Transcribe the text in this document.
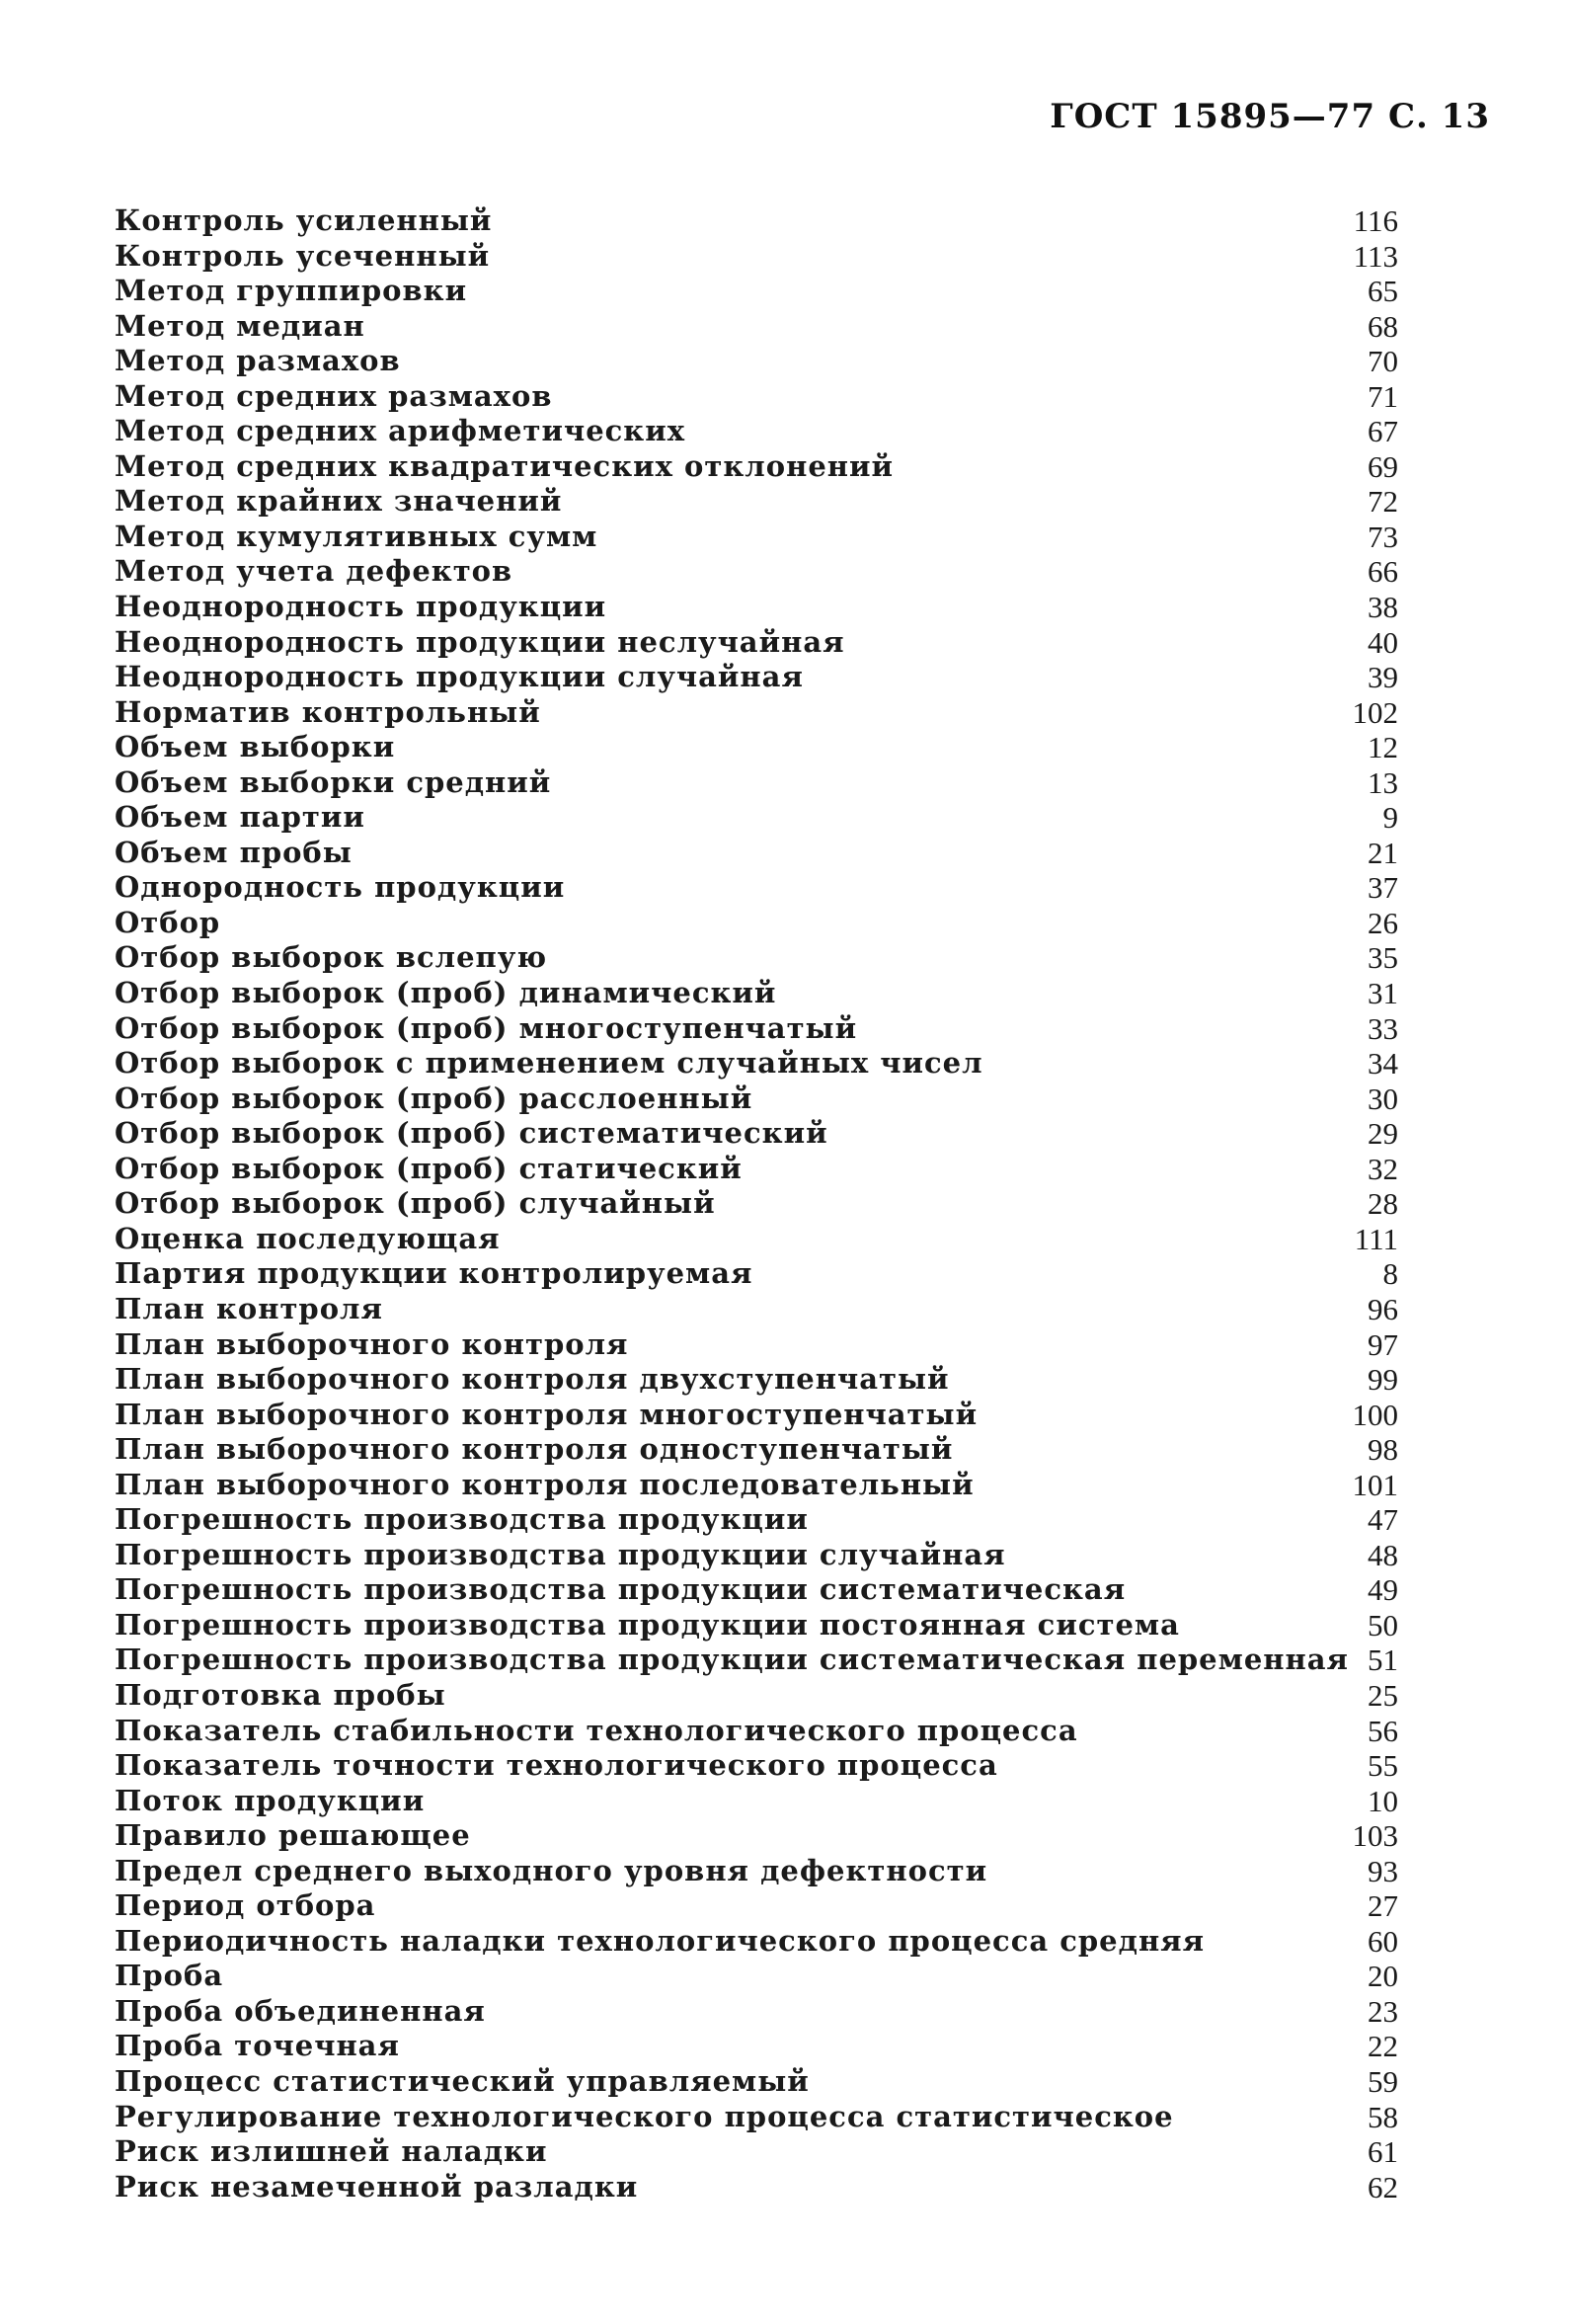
ГОСТ 15895—77 С. 13
Контроль усиленный	116
Контроль усеченный	113
Метод группировки	65
Метод медиан	68
Метод размахов	70
Метод средних размахов	71
Метод средних арифметических	67
Метод средних квадратических отклонений	69
Метод крайних значений	72
Метод кумулятивных сумм	73
Метод учета дефектов	66
Неоднородность продукции	38
Неоднородность продукции неслучайная	40
Неоднородность продукции случайная	39
Норматив контрольный	102
Объем выборки	12
Объем выборки средний	13
Объем партии	9
Объем пробы	21
Однородность продукции	37
Отбор	26
Отбор выборок вслепую	35
Отбор выборок (проб) динамический	31
Отбор выборок (проб) многоступенчатый	33
Отбор выборок с применением случайных чисел	34
Отбор выборок (проб) расслоенный	30
Отбор выборок (проб) систематический	29
Отбор выборок (проб) статический	32
Отбор выборок (проб) случайный	28
Оценка последующая	111
Партия продукции контролируемая	8
План контроля	96
План выборочного контроля	97
План выборочного контроля двухступенчатый	99
План выборочного контроля многоступенчатый	100
План выборочного контроля одноступенчатый	98
План выборочного контроля последовательный	101
Погрешность производства продукции	47
Погрешность производства продукции случайная	48
Погрешность производства продукции систематическая	49
Погрешность производства продукции постоянная система	50
Погрешность производства продукции систематическая переменная 51
Подготовка пробы	25
Показатель стабильности технологического процесса	56
Показатель точности технологического процесса	55
Поток продукции	10
Правило решающее	103
Предел среднего выходного уровня дефектности	93
Период отбора	27
Периодичность наладки технологического процесса средняя	60
Проба	20
Проба объединенная	23
Проба точечная	22
Процесс статистический управляемый	59
Регулирование технологического процесса статистическое	58
Риск излишней наладки	61
Риск незамеченной разладки	62
